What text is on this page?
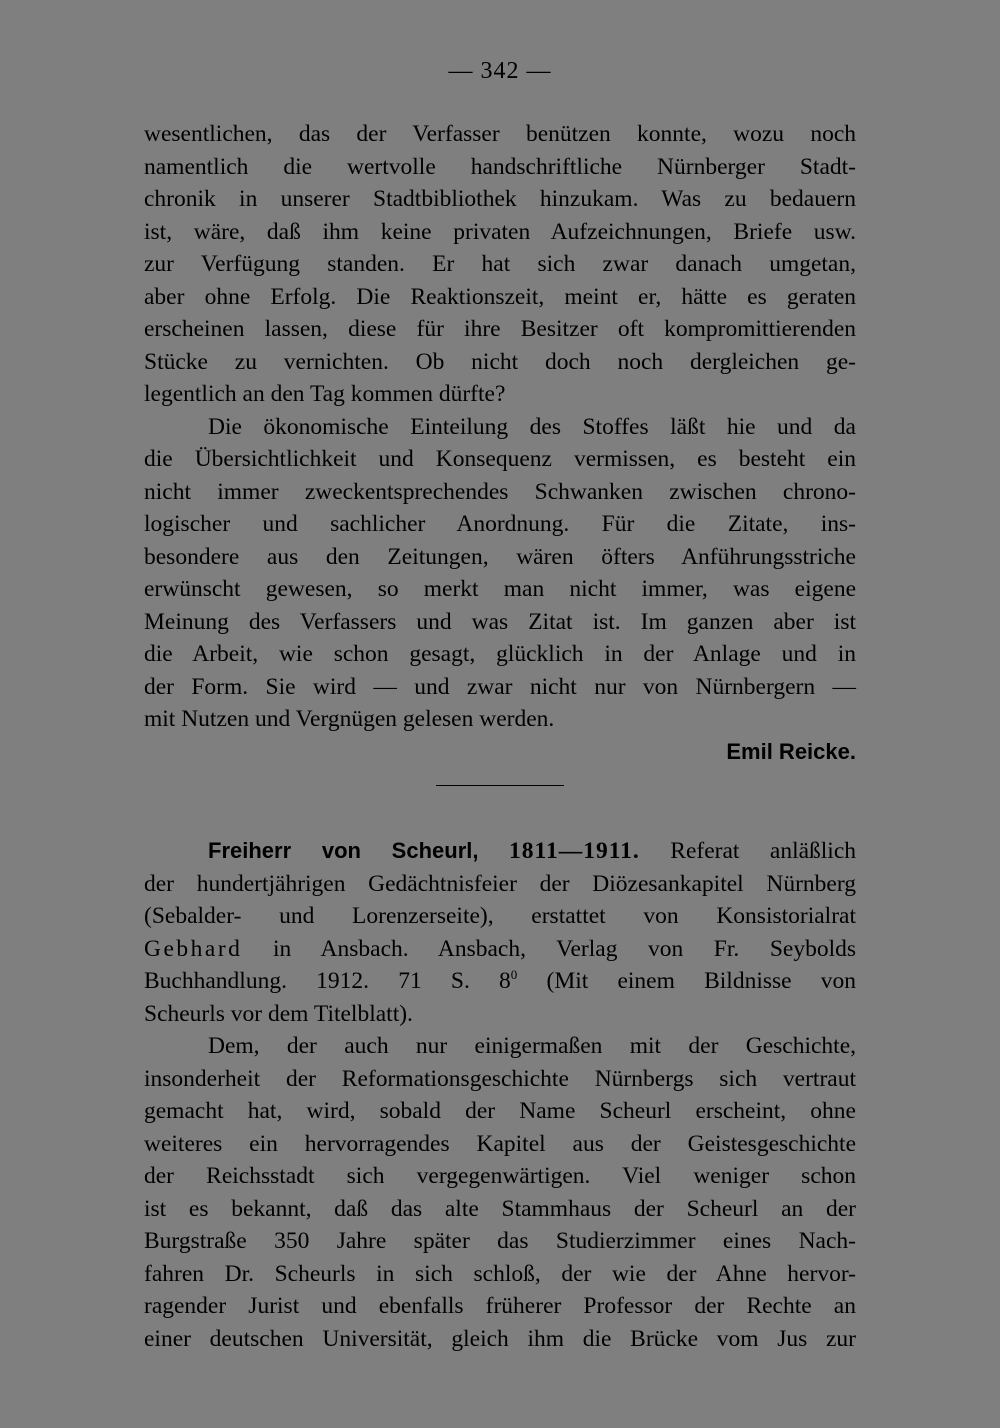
— 342 —
wesentlichen, das der Verfasser benützen konnte, wozu noch
namentlich die wertvolle handschriftliche Nürnberger Stadt-
chronik in unserer Stadtbibliothek hinzukam. Was zu bedauern
ist, wäre, daß ihm keine privaten Aufzeichnungen, Briefe usw.
zur Verfügung standen. Er hat sich zwar danach umgetan,
aber ohne Erfolg. Die Reaktionszeit, meint er, hätte es geraten
erscheinen lassen, diese für ihre Besitzer oft kompromittierenden
Stücke zu vernichten. Ob nicht doch noch dergleichen ge-
legentlich an den Tag kommen dürfte?
Die ökonomische Einteilung des Stoffes läßt hie und da
die Übersichtlichkeit und Konsequenz vermissen, es besteht ein
nicht immer zweckentsprechendes Schwanken zwischen chrono-
logischer und sachlicher Anordnung. Für die Zitate, ins-
besondere aus den Zeitungen, wären öfters Anführungsstriche
erwünscht gewesen, so merkt man nicht immer, was eigene
Meinung des Verfassers und was Zitat ist. Im ganzen aber ist
die Arbeit, wie schon gesagt, glücklich in der Anlage und in
der Form. Sie wird — und zwar nicht nur von Nürnbergern —
mit Nutzen und Vergnügen gelesen werden.
Emil Reicke.
Freiherr von Scheurl, 1811—1911. Referat anläßlich
der hundertjährigen Gedächtnisfeier der Diözesankapitel Nürnberg
(Sebalder- und Lorenzerseite), erstattet von Konsistorialrat
Gebhard in Ansbach. Ansbach, Verlag von Fr. Seybolds
Buchhandlung. 1912. 71 S. $8^0$ (Mit einem Bildnisse von
Scheurls vor dem Titelblatt).
Dem, der auch nur einigermaßen mit der Geschichte,
insonderheit der Reformationsgeschichte Nürnbergs sich vertraut
gemacht hat, wird, sobald der Name Scheurl erscheint, ohne
weiteres ein hervorragendes Kapitel aus der Geistesgeschichte
der Reichsstadt sich vergegenwärtigen. Viel weniger schon
ist es bekannt, daß das alte Stammhaus der Scheurl an der
Burgstraße 350 Jahre später das Studierzimmer eines Nach-
fahren Dr. Scheurls in sich schloß, der wie der Ahne hervor-
ragender Jurist und ebenfalls früherer Professor der Rechte an
einer deutschen Universität, gleich ihm die Brücke vom Jus zur
